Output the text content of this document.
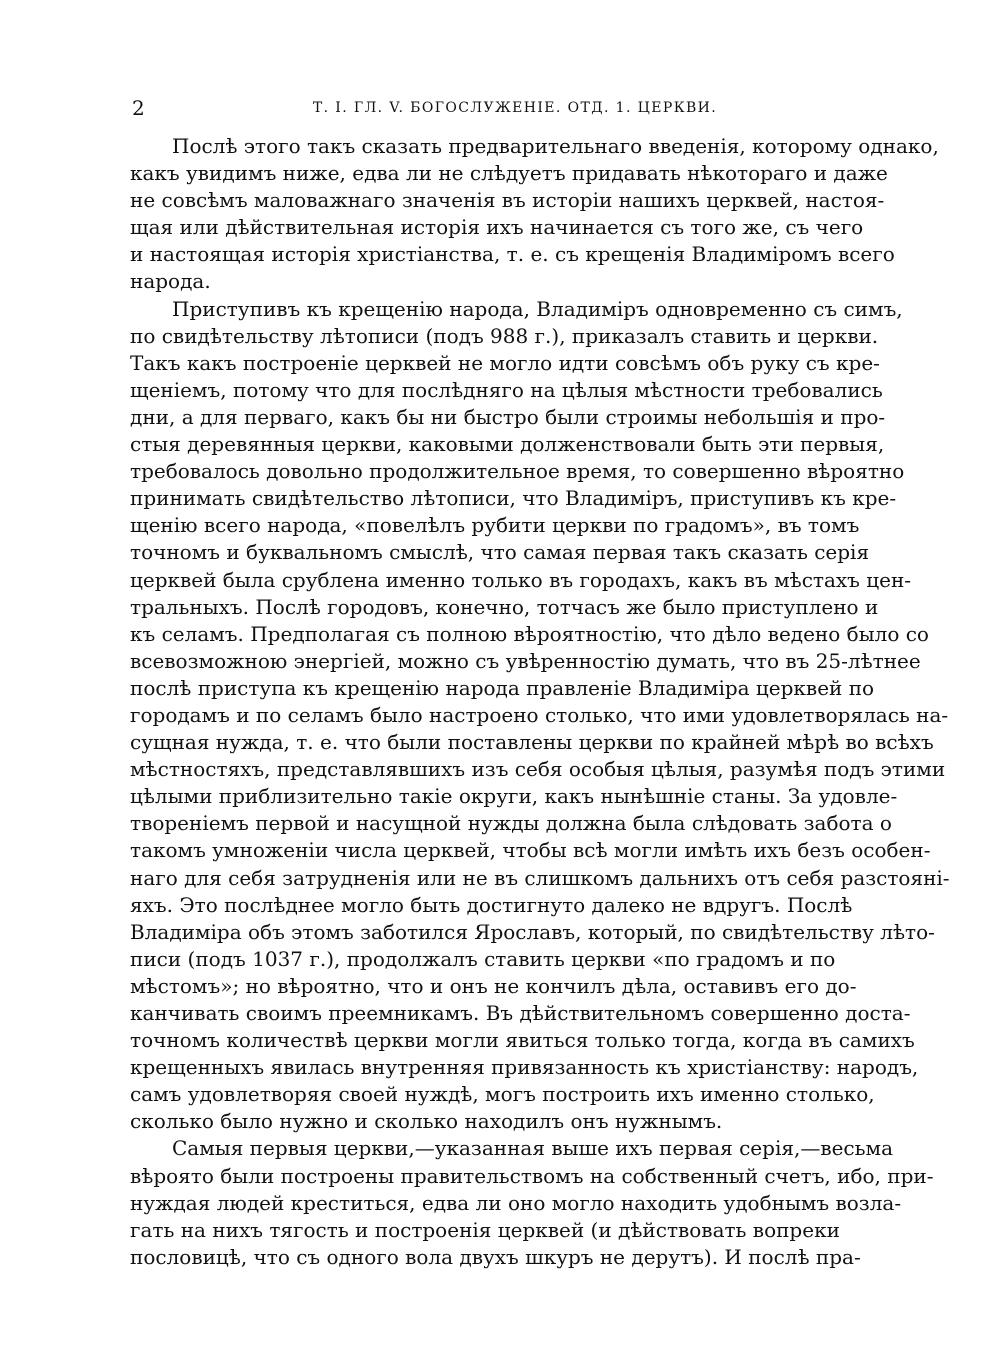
2	Т. I. ГЛ. V. БОГОСЛУЖЕНІЕ. ОТД. 1. ЦЕРКВИ.
Послѣ этого такъ сказать предварительнаго введенія, которому однако,
какъ увидимъ ниже, едва ли не слѣдуетъ придавать нѣкотораго и даже
не совсѣмъ маловажнаго значенія въ исторіи нашихъ церквей, настоя-
щая или дѣйствительная исторія ихъ начинается съ того же, съ чего
и настоящая исторія христіанства, т. е. съ крещенія Владиміромъ всего
народа.
Приступивъ къ крещенію народа, Владиміръ одновременно съ симъ,
по свидѣтельству лѣтописи (подъ 988 г.), приказалъ ставить и церкви.
Такъ какъ построеніе церквей не могло идти совсѣмъ объ руку съ кре-
щеніемъ, потому что для послѣдняго на цѣлыя мѣстности требовались
дни, а для перваго, какъ бы ни быстро были строимы небольшія и про-
стыя деревянныя церкви, каковыми долженствовали быть эти первыя,
требовалось довольно продолжительное время, то совершенно вѣроятно
принимать свидѣтельство лѣтописи, что Владиміръ, приступивъ къ кре-
щенію всего народа, «повелѣлъ рубити церкви по градомъ», въ томъ
точномъ и буквальномъ смыслѣ, что самая первая такъ сказать серія
церквей была срублена именно только въ городахъ, какъ въ мѣстахъ цен-
тральныхъ. Послѣ городовъ, конечно, тотчасъ же было приступлено и
къ селамъ. Предполагая съ полною вѣроятностію, что дѣло ведено было со
всевозможною энергіей, можно съ увѣренностію думать, что въ 25-лѣтнее
послѣ приступа къ крещенію народа правленіе Владиміра церквей по
городамъ и по селамъ было настроено столько, что ими удовлетворялась на-
сущная нужда, т. е. что были поставлены церкви по крайней мѣрѣ во всѣхъ
мѣстностяхъ, представлявшихъ изъ себя особыя цѣлыя, разумѣя подъ этими
цѣлыми приблизительно такіе округи, какъ нынѣшніе станы. За удовле-
твореніемъ первой и насущной нужды должна была слѣдовать забота о
такомъ умноженіи числа церквей, чтобы всѣ могли имѣть ихъ безъ особен-
наго для себя затрудненія или не въ слишкомъ дальнихъ отъ себя разстоянi-
яхъ. Это послѣднее могло быть достигнуто далеко не вдругъ. Послѣ
Владиміра объ этомъ заботился Ярославъ, который, по свидѣтельству лѣто-
писи (подъ 1037 г.), продолжалъ ставить церкви «по градомъ и по
мѣстомъ»; но вѣроятно, что и онъ не кончилъ дѣла, оставивъ его до-
канчивать своимъ преемникамъ. Въ дѣйствительномъ совершенно доста-
точномъ количествѣ церкви могли явиться только тогда, когда въ самихъ
крещенныхъ явилась внутренняя привязанность къ христіанству: народъ,
самъ удовлетворяя своей нуждѣ, могъ построить ихъ именно столько,
сколько было нужно и сколько находилъ онъ нужнымъ.
Самыя первыя церкви,—указанная выше ихъ первая серія,—весьма
вѣроято были построены правительствомъ на собственный счетъ, ибо, при-
нуждая людей креститься, едва ли оно могло находить удобнымъ возла-
гать на нихъ тягость и построенія церквей (и дѣйствовать вопреки
пословицѣ, что съ одного вола двухъ шкуръ не дерутъ). И послѣ пра-
